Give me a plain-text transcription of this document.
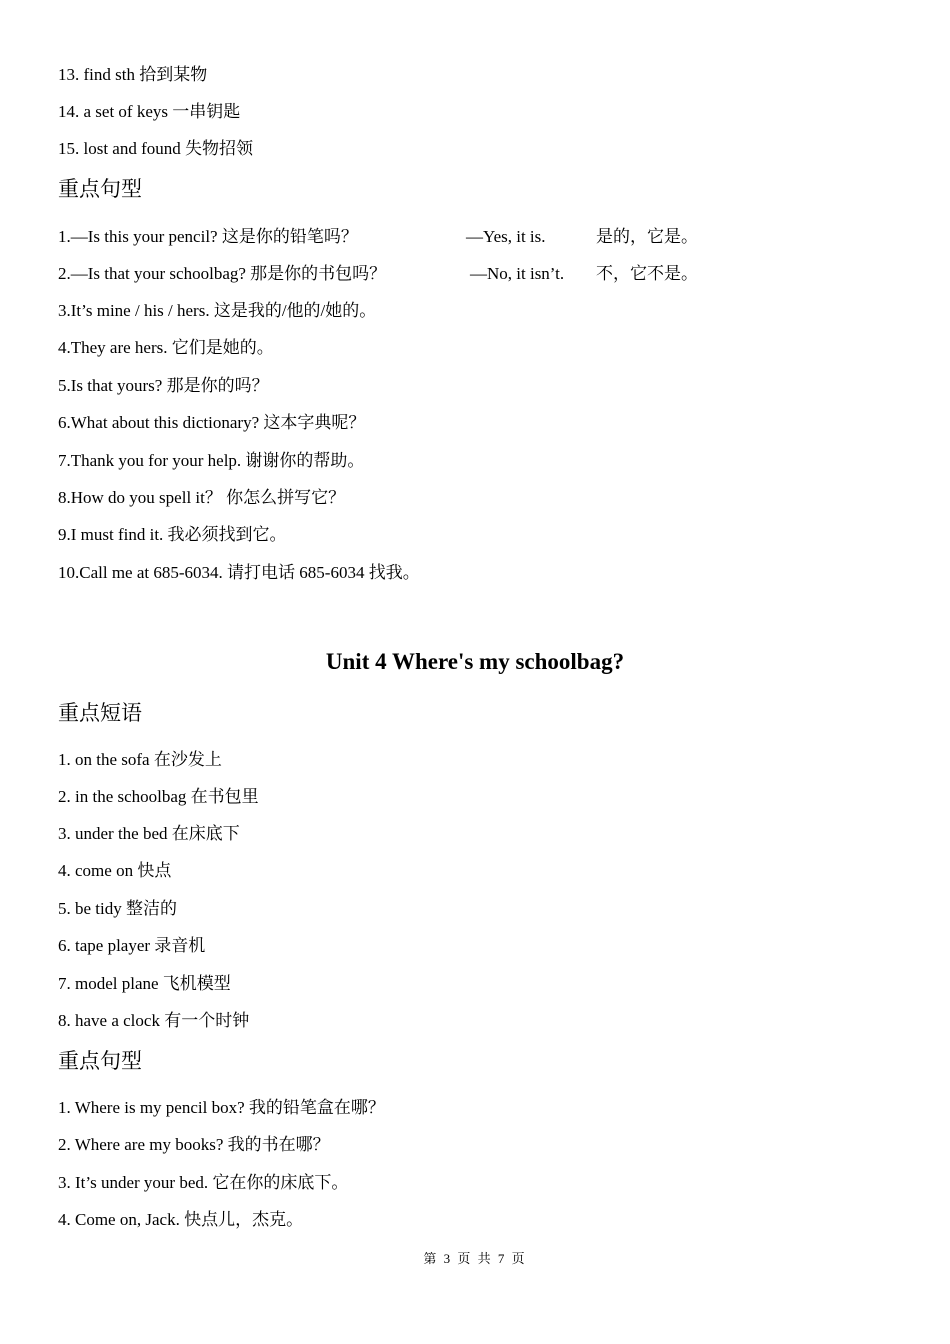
13. find sth 拾到某物
14. a set of keys 一串钥匙
15. lost and found 失物招领
重点句型
1.—Is this your pencil? 这是你的铅笔吗？	—Yes, it is.	是的，它是。
2.—Is that your schoolbag? 那是你的书包吗？	—No, it isn’t. 不，它不是。
3.It’s mine / his / hers. 这是我的/他的/她的。
4.They are hers. 它们是她的。
5.Is that yours? 那是你的吗？
6.What about this dictionary? 这本字典呢？
7.Thank you for your help. 谢谢你的帮助。
8.How do you spell it？ 你怎么拼写它？
9.I must find it. 我必须找到它。
10.Call me at 685-6034. 请打电话 685-6034 找我。
Unit 4 Where's my schoolbag?
重点短语
1. on the sofa 在沙发上
2. in the schoolbag 在书包里
3. under the bed 在床底下
4. come on 快点
5. be tidy 整洁的
6. tape player 录音机
7. model plane 飞机模型
8. have a clock 有一个时钟
重点句型
1. Where is my pencil box? 我的铅笔盒在哪？
2. Where are my books? 我的书在哪？
3. It’s under your bed. 它在你的床底下。
4. Come on, Jack. 快点儿，杰克。
第 3 页 共 7 页
